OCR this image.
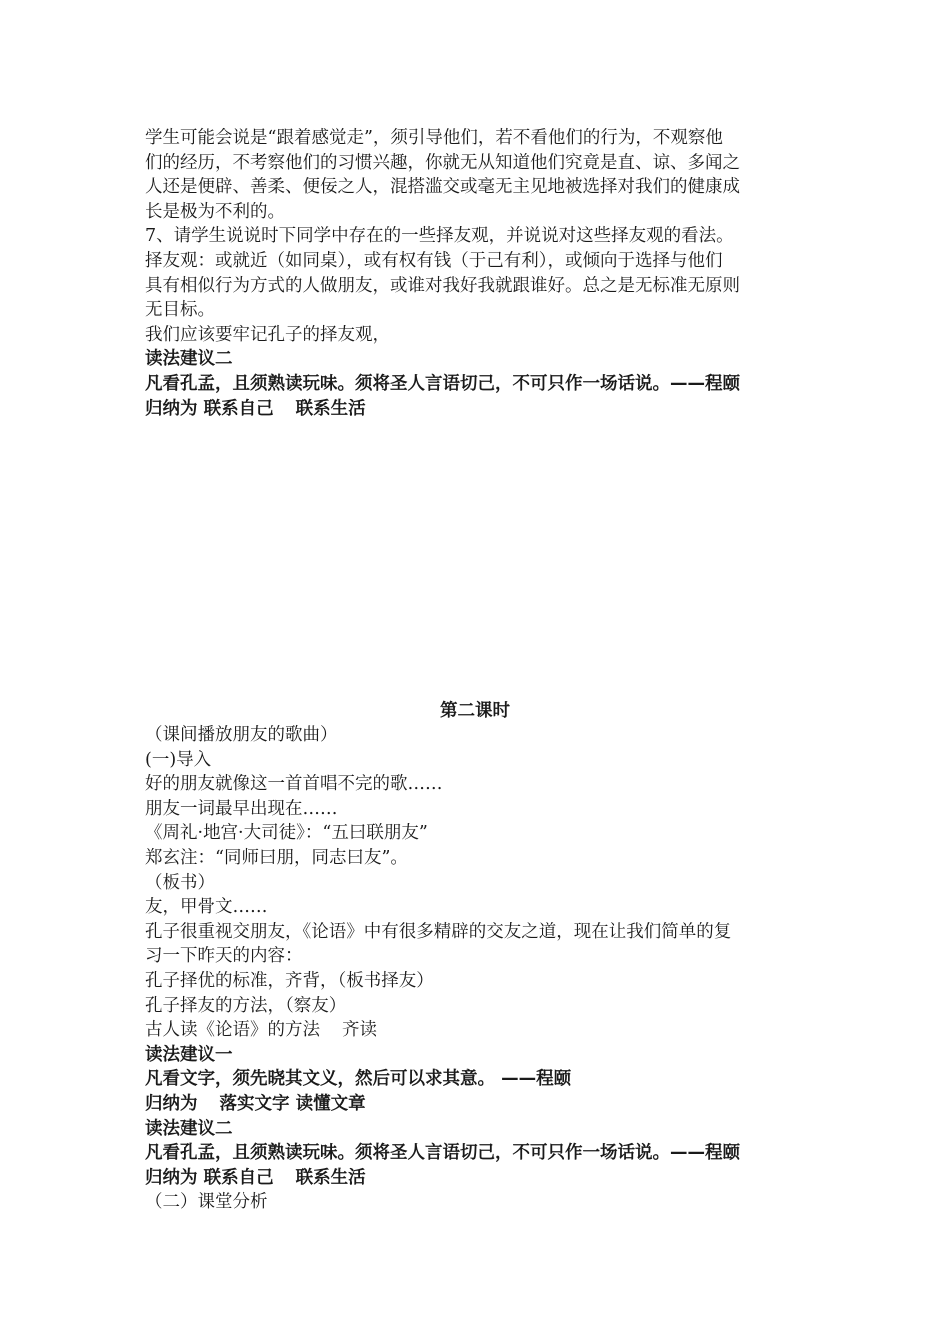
学生可能会说是“跟着感觉走”，须引导他们，若不看他们的行为，不观察他
们的经历，不考察他们的习惯兴趣，你就无从知道他们究竟是直、谅、多闻之
人还是便辟、善柔、便佞之人，混搭滥交或毫无主见地被选择对我们的健康成
长是极为不利的。
7、请学生说说时下同学中存在的一些择友观，并说说对这些择友观的看法。
择友观：或就近（如同桌），或有权有钱（于己有利），或倾向于选择与他们
具有相似行为方式的人做朋友，或谁对我好我就跟谁好。总之是无标准无原则
无目标。
我们应该要牢记孔子的择友观，
读法建议二
凡看孔孟，且须熟读玩味。须将圣人言语切己，不可只作一场话说。——程颐
归纳为 联系自己 联系生活
第二课时
（课间播放朋友的歌曲）
(一)导入
好的朋友就像这一首首唱不完的歌……
朋友一词最早出现在……
《周礼·地宫·大司徒》：“五曰联朋友”
郑玄注：“同师曰朋，同志曰友”。
（板书）
友，甲骨文……
孔子很重视交朋友，《论语》中有很多精辟的交友之道，现在让我们简单的复
习一下昨天的内容：
孔子择优的标准，齐背，（板书择友）
孔子择友的方法，（察友）
古人读《论语》的方法 齐读
读法建议一
凡看文字，须先晓其文义，然后可以求其意。 ——程颐
归纳为 落实文字 读懂文章
读法建议二
凡看孔孟，且须熟读玩味。须将圣人言语切己，不可只作一场话说。——程颐
归纳为 联系自己 联系生活
（二）课堂分析
